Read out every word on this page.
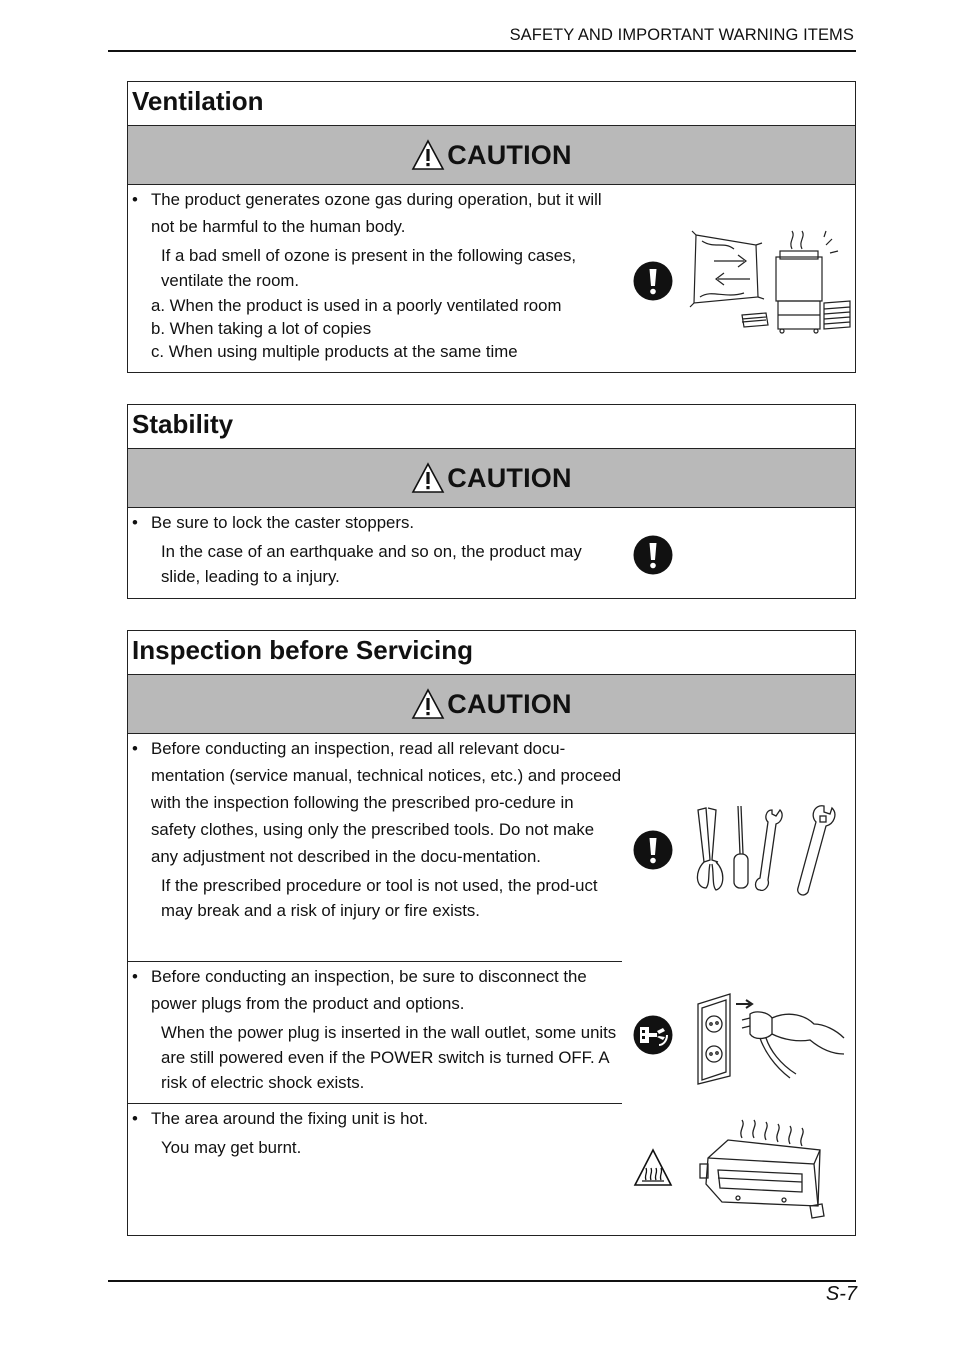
SAFETY AND IMPORTANT WARNING ITEMS
Ventilation
CAUTION
• The product generates ozone gas during operation, but it will not be harmful to the human body.
If a bad smell of ozone is present in the following cases, ventilate the room.
a. When the product is used in a poorly ventilated room
b. When taking a lot of copies
c. When using multiple products at the same time
Stability
CAUTION
• Be sure to lock the caster stoppers.
In the case of an earthquake and so on, the product may slide, leading to a injury.
Inspection before Servicing
CAUTION
• Before conducting an inspection, read all relevant docu-mentation (service manual, technical notices, etc.) and proceed with the inspection following the prescribed pro-cedure in safety clothes, using only the prescribed tools. Do not make any adjustment not described in the docu-mentation.
If the prescribed procedure or tool is not used, the prod-uct may break and a risk of injury or fire exists.
• Before conducting an inspection, be sure to disconnect the power plugs from the product and options.
When the power plug is inserted in the wall outlet, some units are still powered even if the POWER switch is turned OFF. A risk of electric shock exists.
• The area around the fixing unit is hot.
You may get burnt.
S-7
